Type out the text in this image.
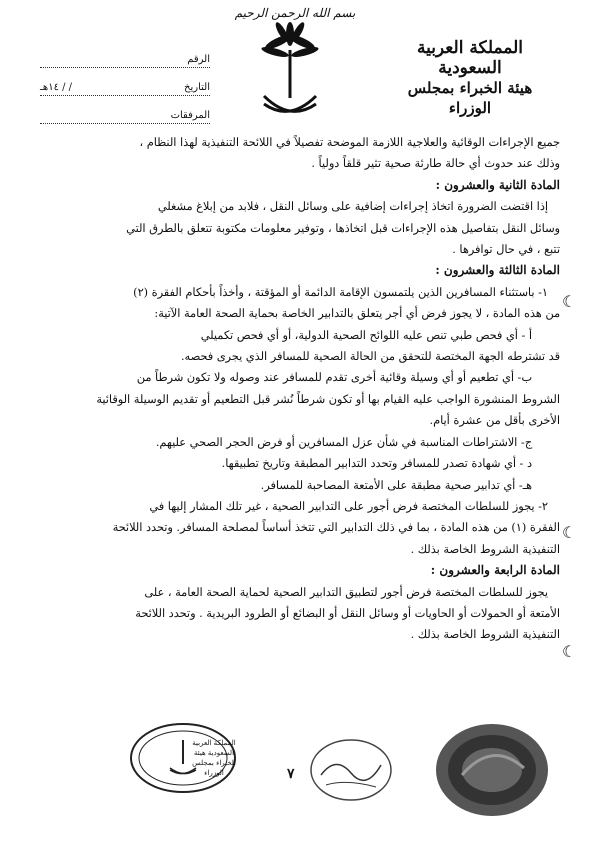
بسم الله الرحمن الرحيم
المملكة العربية السعودية
هيئة الخبراء بمجلس الوزراء
الرقم
التاريخ
/ / ١٤هـ
المرفقات
جميع الإجراءات الوقائية والعلاجية اللازمة الموضحة تفصيلاً في اللائحة التنفيذية لهذا النظام ،
وذلك عند حدوث أي حالة طارئة صحية تثير قلقاً دولياً .
المادة الثانية والعشرون :
إذا اقتضت الضرورة اتخاذ إجراءات إضافية على وسائل النقل ، فلابد من إبلاغ مشغلي
وسائل النقل بتفاصيل هذه الإجراءات قبل اتخاذها ، وتوفير معلومات مكتوبة تتعلق بالطرق التي
تتبع ، في حال توافرها .
المادة الثالثة والعشرون :
١- باستثناء المسافرين الذين يلتمسون الإقامة الدائمة أو المؤقتة ، وأخذاً بأحكام الفقرة (٢)
من هذه المادة ، لا يجوز فرض أي أجر يتعلق بالتدابير الخاصة بحماية الصحة العامة الآتية:
أ - أي فحص طبي تنص عليه اللوائح الصحية الدولية، أو أي فحص تكميلي
قد تشترطه الجهة المختصة للتحقق من الحالة الصحية للمسافر الذي يجرى فحصه.
ب- أي تطعيم أو أي وسيلة وقائية أخرى تقدم للمسافر عند وصوله ولا تكون شرطاً من
الشروط المنشورة الواجب عليه القيام بها أو تكون شرطاً نُشر قبل التطعيم أو تقديم الوسيلة الوقائية
الأخرى بأقل من عشرة أيام.
ج- الاشتراطات المناسبة في شأن عزل المسافرين أو فرض الحجر الصحي عليهم.
د - أي شهادة تصدر للمسافر وتحدد التدابير المطبقة وتاريخ تطبيقها.
هـ- أي تدابير صحية مطبقة على الأمتعة المصاحبة للمسافر.
٢- يجوز للسلطات المختصة فرض أجور على التدابير الصحية ، غير تلك المشار إليها في
الفقرة (١) من هذه المادة ، بما في ذلك التدابير التي تتخذ أساساً لمصلحة المسافر. وتحدد اللائحة
التنفيذية الشروط الخاصة بذلك .
المادة الرابعة والعشرون :
يجوز للسلطات المختصة فرض أجور لتطبيق التدابير الصحية لحماية الصحة العامة ، على
الأمتعة أو الحمولات أو الحاويات أو وسائل النقل أو البضائع أو الطرود البريدية . وتحدد اللائحة
التنفيذية الشروط الخاصة بذلك .
☾
☾
☾
المملكة العربية السعودية هيئة الخبراء بمجلس الوزراء	٧
